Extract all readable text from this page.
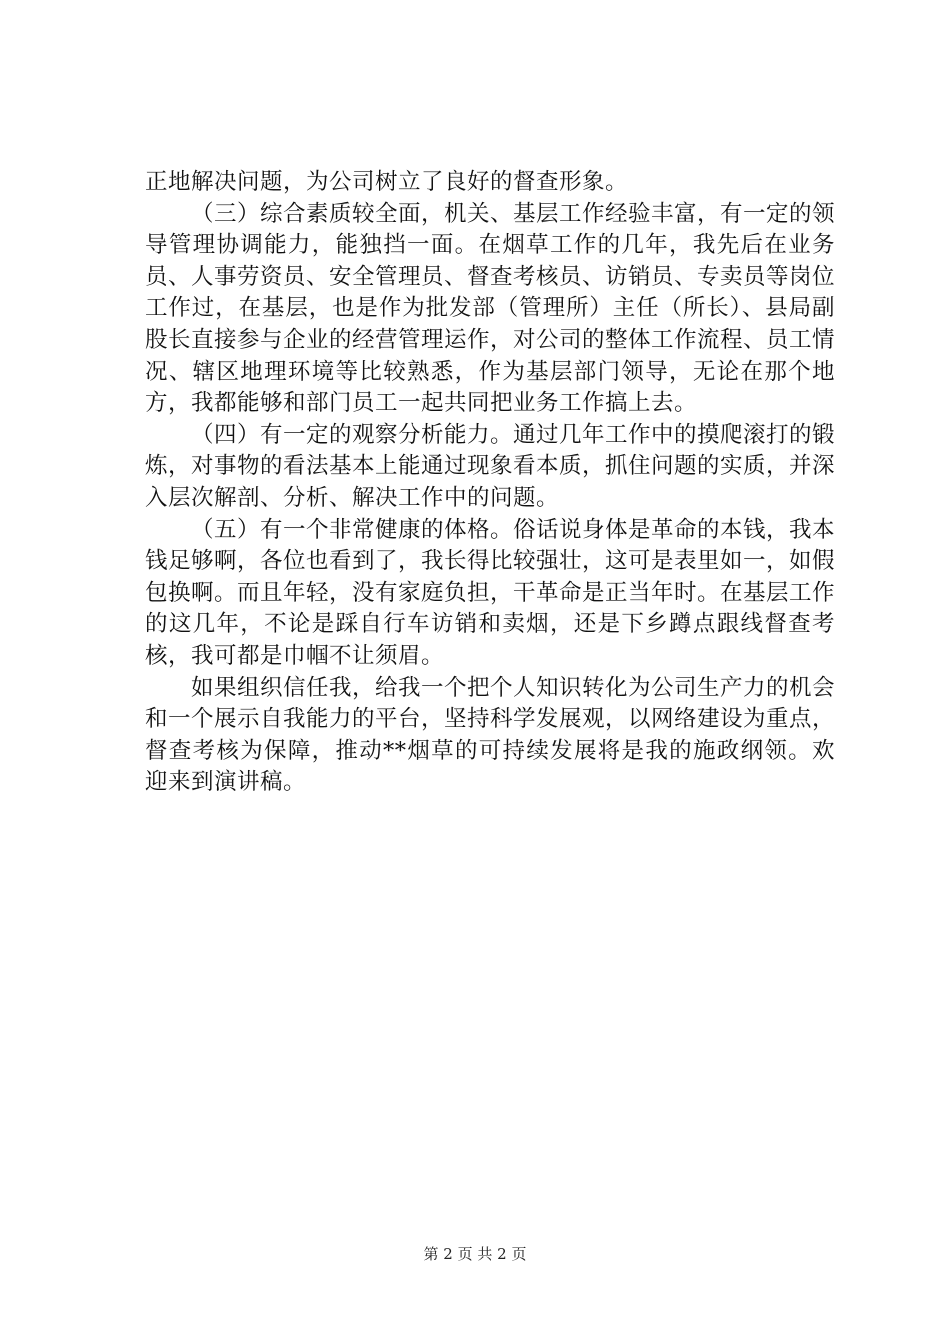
正地解决问题，为公司树立了良好的督查形象。

（三）综合素质较全面，机关、基层工作经验丰富，有一定的领导管理协调能力，能独挡一面。在烟草工作的几年，我先后在业务员、人事劳资员、安全管理员、督查考核员、访销员、专卖员等岗位工作过，在基层，也是作为批发部（管理所）主任（所长）、县局副股长直接参与企业的经营管理运作，对公司的整体工作流程、员工情况、辖区地理环境等比较熟悉，作为基层部门领导，无论在那个地方，我都能够和部门员工一起共同把业务工作搞上去。

（四）有一定的观察分析能力。通过几年工作中的摸爬滚打的锻炼，对事物的看法基本上能通过现象看本质，抓住问题的实质，并深入层次解剖、分析、解决工作中的问题。

（五）有一个非常健康的体格。俗话说身体是革命的本钱，我本钱足够啊，各位也看到了，我长得比较强壮，这可是表里如一，如假包换啊。而且年轻，没有家庭负担，干革命是正当年时。在基层工作的这几年，不论是踩自行车访销和卖烟，还是下乡蹲点跟线督查考核，我可都是巾帼不让须眉。

如果组织信任我，给我一个把个人知识转化为公司生产力的机会和一个展示自我能力的平台，坚持科学发展观，以网络建设为重点，督查考核为保障，推动**烟草的可持续发展将是我的施政纲领。欢迎来到演讲稿。

第 2 页 共 2 页
